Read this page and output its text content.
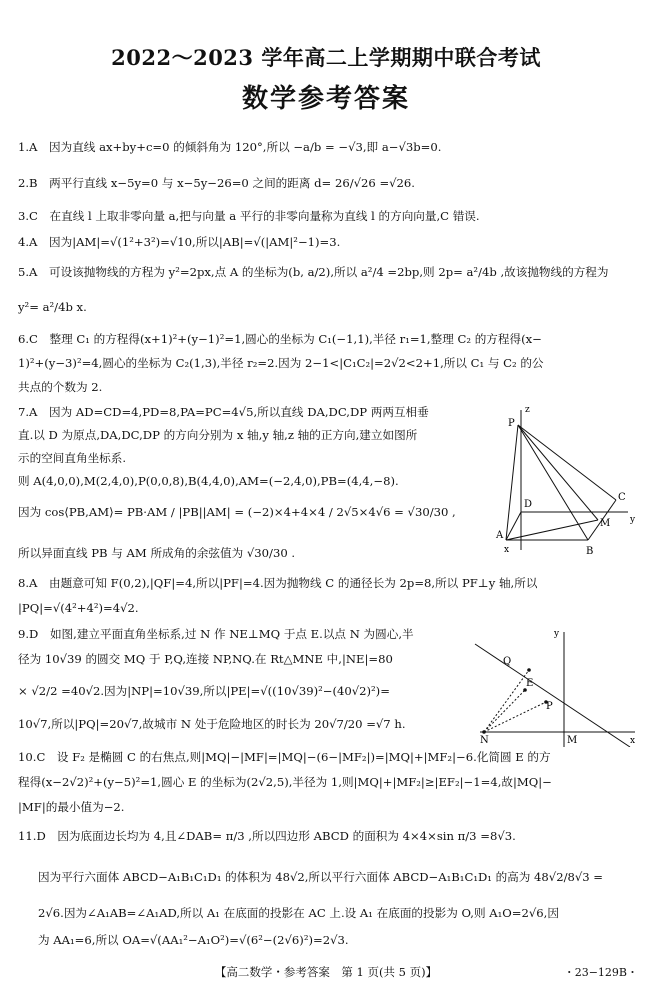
2022～2023 学年高二上学期期中联合考试
数学参考答案
1.A　因为直线 ax+by+c=0 的倾斜角为 120°,所以 −a/b = −√3,即 a−√3b=0.
2.B　两平行直线 x−5y=0 与 x−5y−26=0 之间的距离 d= 26/√26 =√26.
3.C　在直线 l 上取非零向量 a,把与向量 a 平行的非零向量称为直线 l 的方向向量,C 错误.
4.A　因为|AM|=√(1²+3²)=√10,所以|AB|=√(|AM|²−1)=3.
5.A　可设该抛物线的方程为 y²=2px,点 A 的坐标为(b, a/2),所以 a²/4 =2bp,则 2p= a²/4b ,故该抛物线的方程为
y²= a²/4b x.
6.C　整理 C₁ 的方程得(x+1)²+(y−1)²=1,圆心的坐标为 C₁(−1,1),半径 r₁=1,整理 C₂ 的方程得(x−
1)²+(y−3)²=4,圆心的坐标为 C₂(1,3),半径 r₂=2.因为 2−1<|C₁C₂|=2√2<2+1,所以 C₁ 与 C₂ 的公
共点的个数为 2.
7.A　因为 AD=CD=4,PD=8,PA=PC=4√5,所以直线 DA,DC,DP 两两互相垂
直.以 D 为原点,DA,DC,DP 的方向分别为 x 轴,y 轴,z 轴的正方向,建立如图所
示的空间直角坐标系.
则 A(4,0,0),M(2,4,0),P(0,0,8),B(4,4,0),AM=(−2,4,0),PB=(4,4,−8).
因为 cos⟨PB,AM⟩= PB·AM / |PB||AM| = (−2)×4+4×4 / 2√5×4√6 = √30/30 ,
所以异面直线 PB 与 AM 所成角的余弦值为 √30/30 .
z
P
C
D
M y
A
B
x
8.A　由题意可知 F(0,2),|QF|=4,所以|PF|=4.因为抛物线 C 的通径长为 2p=8,所以 PF⊥y 轴,所以
|PQ|=√(4²+4²)=4√2.
9.D　如图,建立平面直角坐标系,过 N 作 NE⊥MQ 于点 E.以点 N 为圆心,半
径为 10√39 的圆交 MQ 于 P,Q,连接 NP,NQ.在 Rt△MNE 中,|NE|=80
× √2/2 =40√2.因为|NP|=10√39,所以|PE|=√((10√39)²−(40√2)²)=
10√7,所以|PQ|=20√7,故城市 N 处于危险地区的时长为 20√7/20 =√7 h.
y
Q
E
P
N	M	x
10.C　设 F₂ 是椭圆 C 的右焦点,则|MQ|−|MF|=|MQ|−(6−|MF₂|)=|MQ|+|MF₂|−6.化简圆 E 的方
程得(x−2√2)²+(y−5)²=1,圆心 E 的坐标为(2√2,5),半径为 1,则|MQ|+|MF₂|≥|EF₂|−1=4,故|MQ|−
|MF|的最小值为−2.
11.D　因为底面边长均为 4,且∠DAB= π/3 ,所以四边形 ABCD 的面积为 4×4×sin π/3 =8√3.
因为平行六面体 ABCD−A₁B₁C₁D₁ 的体积为 48√2,所以平行六面体 ABCD−A₁B₁C₁D₁ 的高为 48√2/8√3 =
2√6.因为∠A₁AB=∠A₁AD,所以 A₁ 在底面的投影在 AC 上.设 A₁ 在底面的投影为 O,则 A₁O=2√6,因
为 AA₁=6,所以 OA=√(AA₁²−A₁O²)=√(6²−(2√6)²)=2√3.
【高二数学・参考答案　第 1 页(共 5 页)】	・23−129B・
